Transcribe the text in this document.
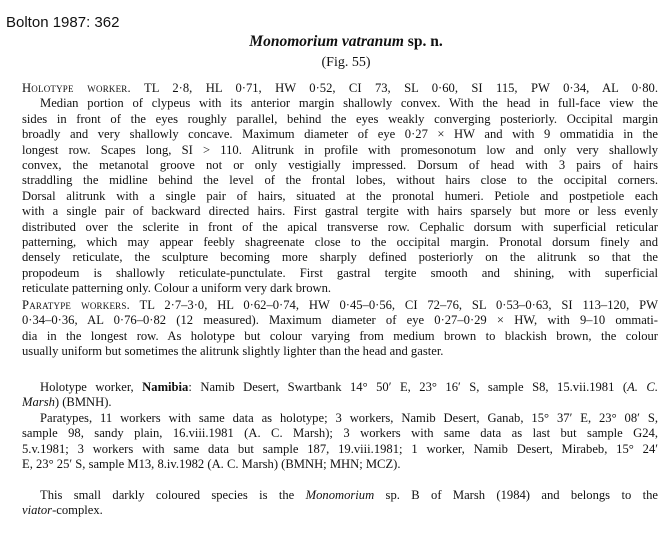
Bolton 1987: 362
Monomorium vatranum sp. n.
(Fig. 55)
Holotype worker. TL 2·8, HL 0·71, HW 0·52, CI 73, SL 0·60, SI 115, PW 0·34, AL 0·80.
Median portion of clypeus with its anterior margin shallowly convex. With the head in full-face view the
sides in front of the eyes roughly parallel, behind the eyes weakly converging posteriorly. Occipital margin
broadly and very shallowly concave. Maximum diameter of eye 0·27 × HW and with 9 ommatidia in the
longest row. Scapes long, SI > 110. Alitrunk in profile with promesonotum low and only very shallowly
convex, the metanotal groove not or only vestigially impressed. Dorsum of head with 3 pairs of hairs
straddling the midline behind the level of the frontal lobes, without hairs close to the occipital corners.
Dorsal alitrunk with a single pair of hairs, situated at the pronotal humeri. Petiole and postpetiole each
with a single pair of backward directed hairs. First gastral tergite with hairs sparsely but more or less evenly
distributed over the sclerite in front of the apical transverse row. Cephalic dorsum with superficial reticular
patterning, which may appear feebly shagreenate close to the occipital margin. Pronotal dorsum finely and
densely reticulate, the sculpture becoming more sharply defined posteriorly on the alitrunk so that the
propodeum is shallowly reticulate-punctulate. First gastral tergite smooth and shining, with superficial
reticulate patterning only. Colour a uniform very dark brown.
Paratype workers. TL 2·7–3·0, HL 0·62–0·74, HW 0·45–0·56, CI 72–76, SL 0·53–0·63, SI 113–120, PW
0·34–0·36, AL 0·76–0·82 (12 measured). Maximum diameter of eye 0·27–0·29 × HW, with 9–10 ommati-
dia in the longest row. As holotype but colour varying from medium brown to blackish brown, the colour
usually uniform but sometimes the alitrunk slightly lighter than the head and gaster.
Holotype worker, Namibia: Namib Desert, Swartbank 14° 50′ E, 23° 16′ S, sample S8, 15.vii.1981 (A. C.
Marsh) (BMNH).
Paratypes, 11 workers with same data as holotype; 3 workers, Namib Desert, Ganab, 15° 37′ E, 23° 08′ S,
sample 98, sandy plain, 16.viii.1981 (A. C. Marsh); 3 workers with same data as last but sample G24,
5.v.1981; 3 workers with same data but sample 187, 19.viii.1981; 1 worker, Namib Desert, Mirabeb, 15° 24′
E, 23° 25′ S, sample M13, 8.iv.1982 (A. C. Marsh) (BMNH; MHN; MCZ).
This small darkly coloured species is the Monomorium sp. B of Marsh (1984) and belongs to the
viator-complex.
